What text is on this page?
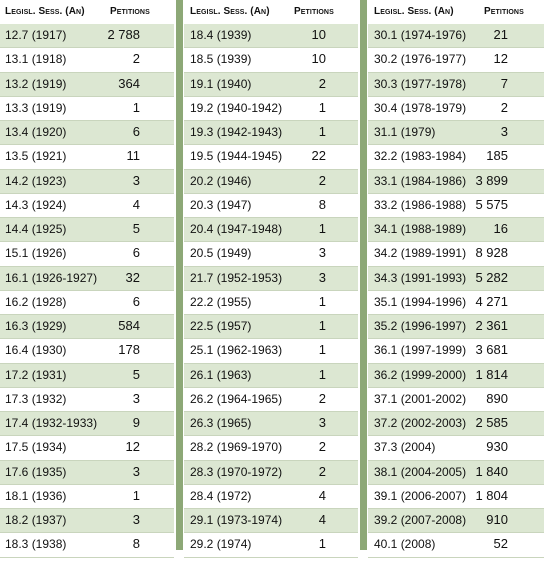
Legisl. Sess. (An)	Petitions
12.7 (1917)	2 788
13.1 (1918)	2
13.2 (1919)	364
13.3 (1919)	1
13.4 (1920)	6
13.5 (1921)	11
14.2 (1923)	3
14.3 (1924)	4
14.4 (1925)	5
15.1 (1926)	6
16.1 (1926-1927) 32
16.2 (1928)	6
16.3 (1929)	584
16.4 (1930)	178
17.2 (1931)	5
17.3 (1932)	3
17.4 (1932-1933)	9
17.5 (1934)	12
17.6 (1935)	3
18.1 (1936)	1
18.2 (1937)	3
18.3 (1938)	8
Legisl. Sess. (An) Petitions
18.4 (1939)	10
18.5 (1939)	10
19.1 (1940)	2
19.2 (1940-1942)	1
19.3 (1942-1943)	1
19.5 (1944-1945) 22
20.2 (1946)	2
20.3 (1947)	8
20.4 (1947-1948)	1
20.5 (1949)	3
21.7 (1952-1953)	3
22.2 (1955)	1
22.5 (1957)	1
25.1 (1962-1963)	1
26.1 (1963)	1
26.2 (1964-1965)	2
26.3 (1965)	3
28.2 (1969-1970)	2
28.3 (1970-1972)	2
28.4 (1972)	4
29.1 (1973-1974)	4
29.2 (1974)	1
Legisl. Sess. (An)	Petitions
30.1 (1974-1976) 21
30.2 (1976-1977) 12
30.3 (1977-1978)	7
30.4 (1978-1979)	2
31.1 (1979)	3
32.2 (1983-1984) 185
33.1 (1984-1986) 3 899
33.2 (1986-1988) 5 575
34.1 (1988-1989) 16
34.2 (1989-1991) 8 928
34.3 (1991-1993) 5 282
35.1 (1994-1996) 4 271
35.2 (1996-1997) 2 361
36.1 (1997-1999) 3 681
36.2 (1999-2000) 1 814
37.1 (2001-2002) 890
37.2 (2002-2003) 2 585
37.3 (2004)	930
38.1 (2004-2005) 1 840
39.1 (2006-2007) 1 804
39.2 (2007-2008) 910
40.1 (2008)	52
